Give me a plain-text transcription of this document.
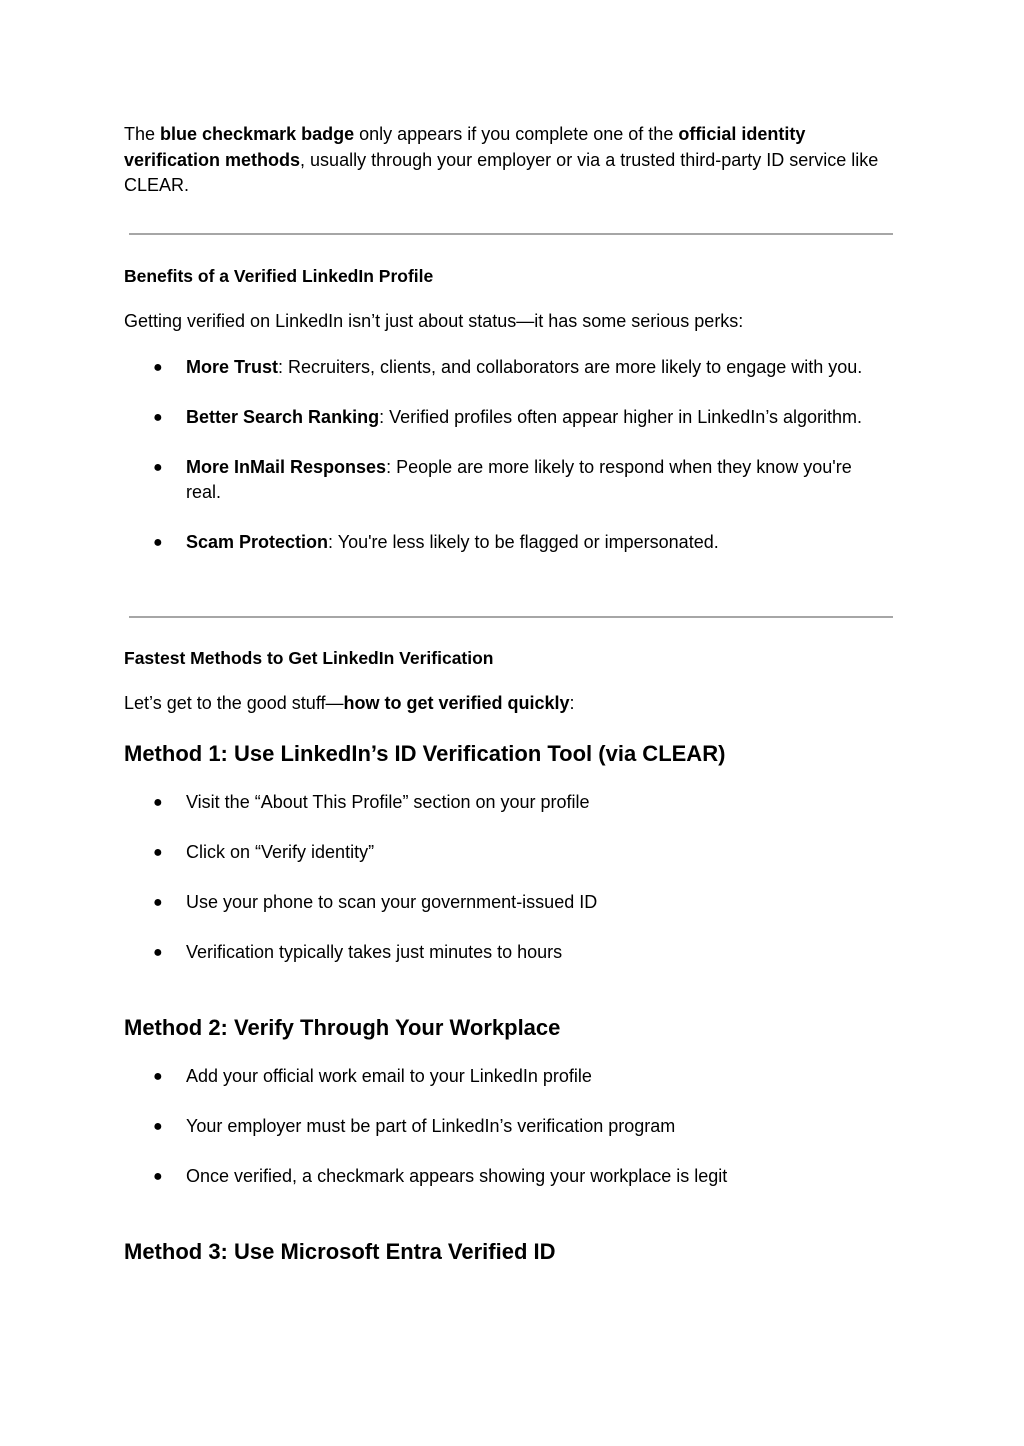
The blue checkmark badge only appears if you complete one of the official identity verification methods, usually through your employer or via a trusted third-party ID service like CLEAR.

Benefits of a Verified LinkedIn Profile

Getting verified on LinkedIn isn’t just about status—it has some serious perks:

● More Trust: Recruiters, clients, and collaborators are more likely to engage with you.
● Better Search Ranking: Verified profiles often appear higher in LinkedIn’s algorithm.
● More InMail Responses: People are more likely to respond when they know you're real.
● Scam Protection: You're less likely to be flagged or impersonated.
Fastest Methods to Get LinkedIn Verification

Let’s get to the good stuff—how to get verified quickly:

Method 1: Use LinkedIn’s ID Verification Tool (via CLEAR)
● Visit the “About This Profile” section on your profile
● Click on “Verify identity”
● Use your phone to scan your government-issued ID
● Verification typically takes just minutes to hours
Method 2: Verify Through Your Workplace
● Add your official work email to your LinkedIn profile
● Your employer must be part of LinkedIn’s verification program
● Once verified, a checkmark appears showing your workplace is legit
Method 3: Use Microsoft Entra Verified ID
